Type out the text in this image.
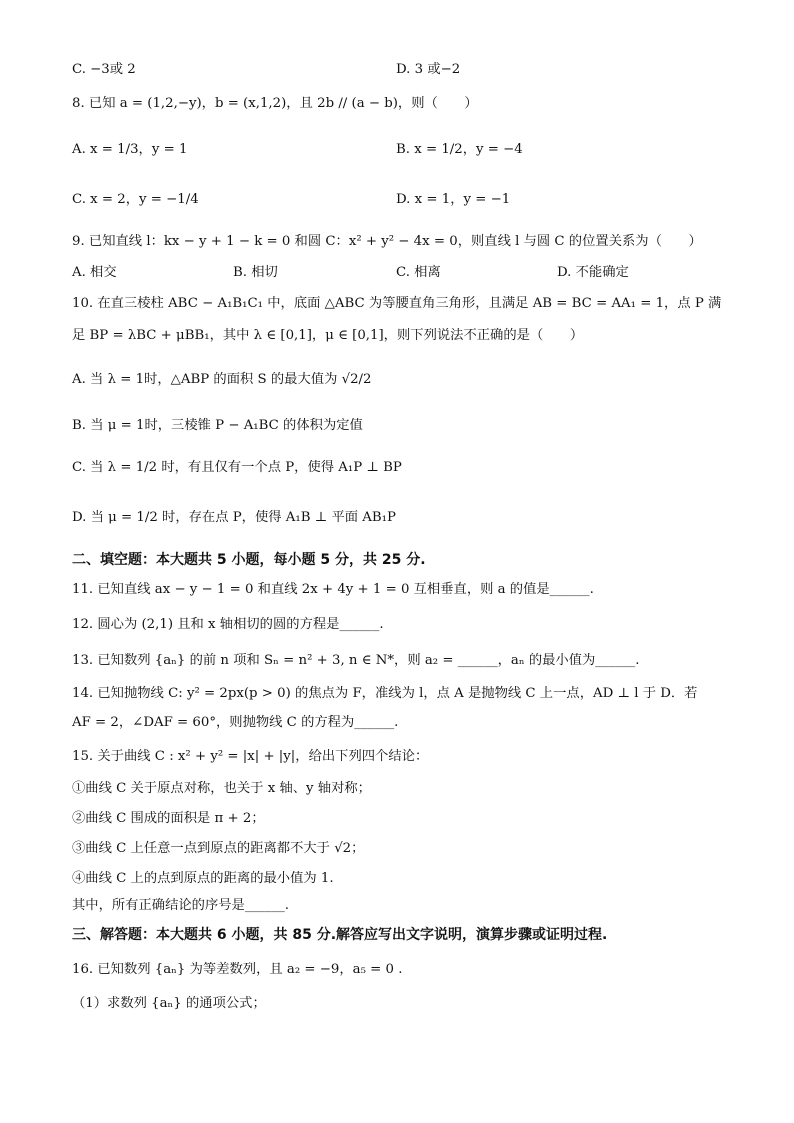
C. −3或 2	D. 3 或−2
8. 已知 a = (1,2,−y)，b = (x,1,2)，且 2b // (a − b)，则（　　）
A. x = 1/3，y = 1	B. x = 1/2，y = −4
C. x = 2，y = −1/4	D. x = 1，y = −1
9. 已知直线 l：kx − y + 1 − k = 0 和圆 C：x² + y² − 4x = 0，则直线 l 与圆 C 的位置关系为（　　）
A. 相交	B. 相切	C. 相离	D. 不能确定
10. 在直三棱柱 ABC − A₁B₁C₁ 中，底面 △ABC 为等腰直角三角形，且满足 AB = BC = AA₁ = 1，点 P 满
足 BP = λBC + μBB₁，其中 λ ∈ [0,1]，μ ∈ [0,1]，则下列说法不正确的是（　　）
A. 当 λ = 1时，△ABP 的面积 S 的最大值为 √2/2
B. 当 μ = 1时，三棱锥 P − A₁BC 的体积为定值
C. 当 λ = 1/2 时，有且仅有一个点 P，使得 A₁P ⊥ BP
D. 当 μ = 1/2 时，存在点 P，使得 A₁B ⊥ 平面 AB₁P
二、填空题：本大题共 5 小题，每小题 5 分，共 25 分.
11. 已知直线 ax − y − 1 = 0 和直线 2x + 4y + 1 = 0 互相垂直，则 a 的值是______.
12. 圆心为 (2,1) 且和 x 轴相切的圆的方程是______.
13. 已知数列 {aₙ} 的前 n 项和 Sₙ = n² + 3, n ∈ N*，则 a₂ = ______，aₙ 的最小值为______.
14. 已知抛物线 C: y² = 2px(p > 0) 的焦点为 F，准线为 l，点 A 是抛物线 C 上一点，AD ⊥ l 于 D．若
AF = 2，∠DAF = 60°，则抛物线 C 的方程为______.
15. 关于曲线 C : x² + y² = |x| + |y|，给出下列四个结论：
①曲线 C 关于原点对称，也关于 x 轴、y 轴对称；
②曲线 C 围成的面积是 π + 2；
③曲线 C 上任意一点到原点的距离都不大于 √2；
④曲线 C 上的点到原点的距离的最小值为 1.
其中，所有正确结论的序号是______.
三、解答题：本大题共 6 小题，共 85 分.解答应写出文字说明，演算步骤或证明过程.
16. 已知数列 {aₙ} 为等差数列，且 a₂ = −9，a₅ = 0 .
（1）求数列 {aₙ} 的通项公式；
